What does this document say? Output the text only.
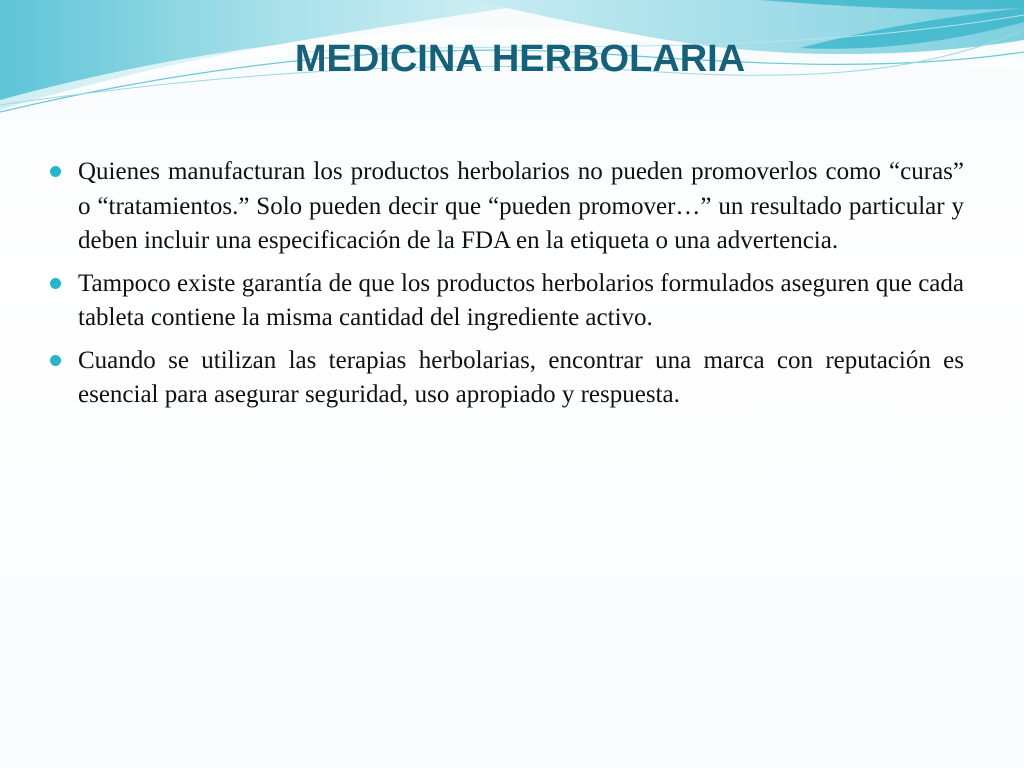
MEDICINA HERBOLARIA
Quienes manufacturan los productos herbolarios no pueden promoverlos como “curas” o “tratamientos.” Solo pueden decir que “pueden promover…” un resultado particular y deben incluir una especificación de la FDA en la etiqueta o una advertencia.
Tampoco existe garantía de que los productos herbolarios formulados aseguren que cada tableta contiene la misma cantidad del ingrediente activo.
Cuando se utilizan las terapias herbolarias, encontrar una marca con reputación es esencial para asegurar seguridad, uso apropiado y respuesta.
